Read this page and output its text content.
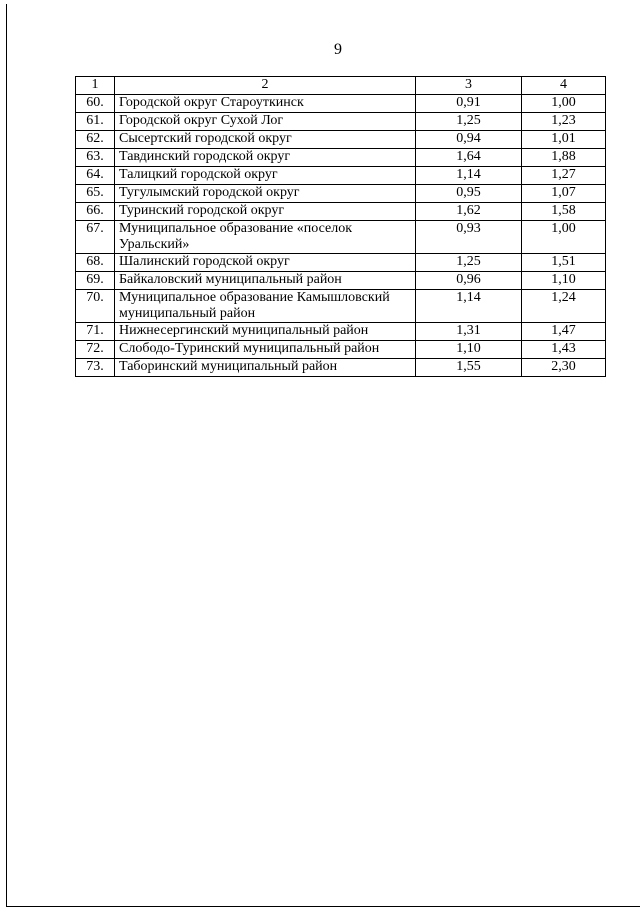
9
1	2	3	4
60.	Городской округ Староуткинск	0,91	1,00
61.	Городской округ Сухой Лог	1,25	1,23
62.	Сысертский городской округ	0,94	1,01
63.	Тавдинский городской округ	1,64	1,88
64.	Талицкий городской округ	1,14	1,27
65.	Тугулымский городской округ	0,95	1,07
66.	Туринский городской округ	1,62	1,58
67.	Муниципальное образование «поселок Уральский»	0,93	1,00
68.	Шалинский городской округ	1,25	1,51
69.	Байкаловский муниципальный район	0,96	1,10
70.	Муниципальное образование Камышловский муниципальный район	1,14	1,24
71.	Нижнесергинский муниципальный район	1,31	1,47
72.	Слободо-Туринский муниципальный район	1,10	1,43
73.	Таборинский муниципальный район	1,55	2,30
